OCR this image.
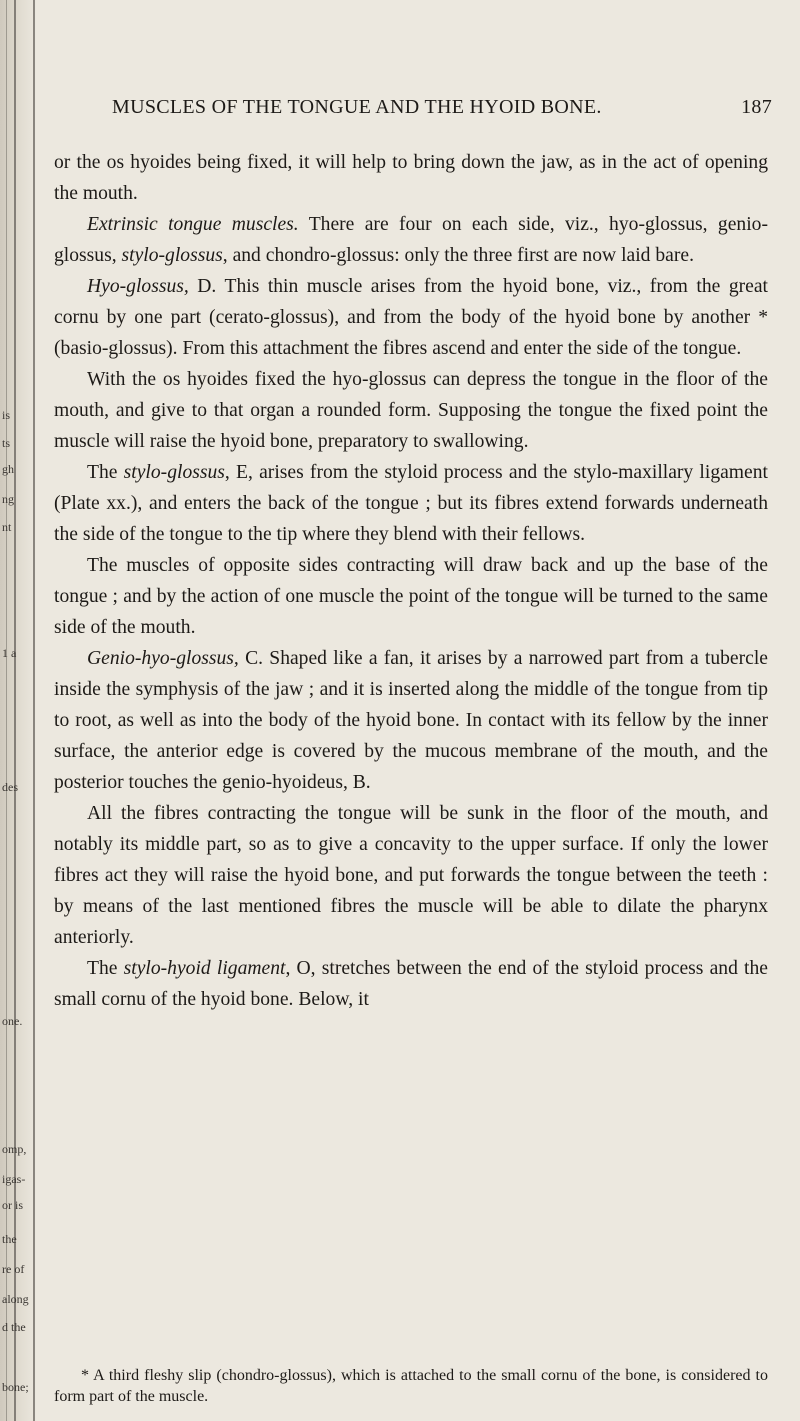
is
ts
gh
ng
nt
1 a
des
one.
omp,
igas-
or is
the
re of
along
d the
bone;
MUSCLES OF THE TONGUE AND THE HYOID BONE.	187

or the os hyoides being fixed, it will help to bring down the jaw, as in the act of opening the mouth.

Extrinsic tongue muscles. There are four on each side, viz., hyo-glossus, genio-glossus, stylo-glossus, and chondro-glossus: only the three first are now laid bare.

Hyo-glossus, D. This thin muscle arises from the hyoid bone, viz., from the great cornu by one part (cerato-glossus), and from the body of the hyoid bone by another * (basio-glossus). From this attachment the fibres ascend and enter the side of the tongue.

With the os hyoides fixed the hyo-glossus can depress the tongue in the floor of the mouth, and give to that organ a rounded form. Supposing the tongue the fixed point the muscle will raise the hyoid bone, preparatory to swallowing.

The stylo-glossus, E, arises from the styloid process and the stylo-maxillary ligament (Plate xx.), and enters the back of the tongue ; but its fibres extend forwards underneath the side of the tongue to the tip where they blend with their fellows.

The muscles of opposite sides contracting will draw back and up the base of the tongue ; and by the action of one muscle the point of the tongue will be turned to the same side of the mouth.

Genio-hyo-glossus, C. Shaped like a fan, it arises by a narrowed part from a tubercle inside the symphysis of the jaw ; and it is inserted along the middle of the tongue from tip to root, as well as into the body of the hyoid bone. In contact with its fellow by the inner surface, the anterior edge is covered by the mucous membrane of the mouth, and the posterior touches the genio-hyoideus, B.

All the fibres contracting the tongue will be sunk in the floor of the mouth, and notably its middle part, so as to give a concavity to the upper surface. If only the lower fibres act they will raise the hyoid bone, and put forwards the tongue between the teeth : by means of the last mentioned fibres the muscle will be able to dilate the pharynx anteriorly.

The stylo-hyoid ligament, O, stretches between the end of the styloid process and the small cornu of the hyoid bone. Below, it

* A third fleshy slip (chondro-glossus), which is attached to the small cornu of the bone, is considered to form part of the muscle.
